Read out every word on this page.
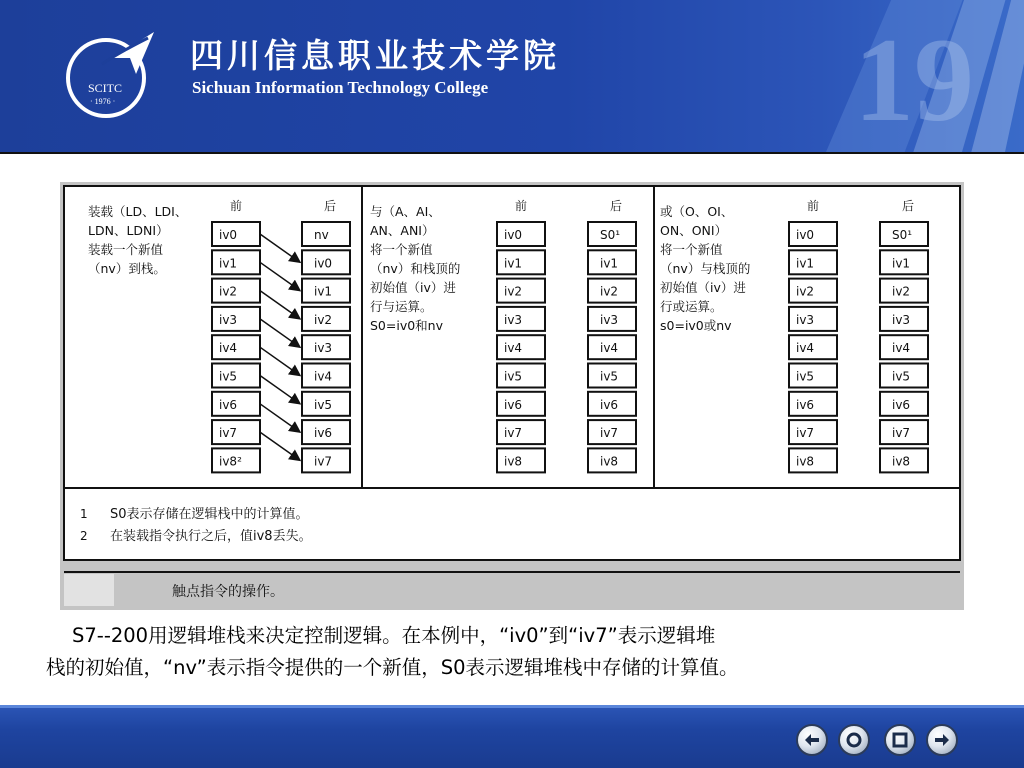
19
SCITC
· 1976 ·
四川信息职业技术学院
Sichuan Information Technology College
装载（LD、LDI、
LDN、LDNI）
装载一个新值
（nv）到栈。
前	后
iv0	nv
iv1	iv0
iv2	iv1
iv3	iv2
iv4	iv3
iv5	iv4
iv6	iv5
iv7	iv6
iv8²	iv7
与（A、AI、
AN、ANI）
将一个新值
（nv）和栈顶的
初始值（iv）进
行与运算。
S0=iv0和nv
前	后
iv0	S0¹
iv1	iv1
iv2	iv2
iv3	iv3
iv4	iv4
iv5	iv5
iv6	iv6
iv7	iv7
iv8	iv8
或（O、OI、
ON、ONI）
将一个新值
（nv）与栈顶的
初始值（iv）进
行或运算。
s0=iv0或nv
前	后
iv0	S0¹
iv1	iv1
iv2	iv2
iv3	iv3
iv4	iv4
iv5	iv5
iv6	iv6
iv7	iv7
iv8	iv8
1 S0表示存储在逻辑栈中的计算值。
2 在装载指令执行之后，值iv8丢失。
触点指令的操作。
S7--200用逻辑堆栈来决定控制逻辑。在本例中，“iv0”到“iv7”表示逻辑堆
栈的初始值，“nv”表示指令提供的一个新值，S0表示逻辑堆栈中存储的计算值。
